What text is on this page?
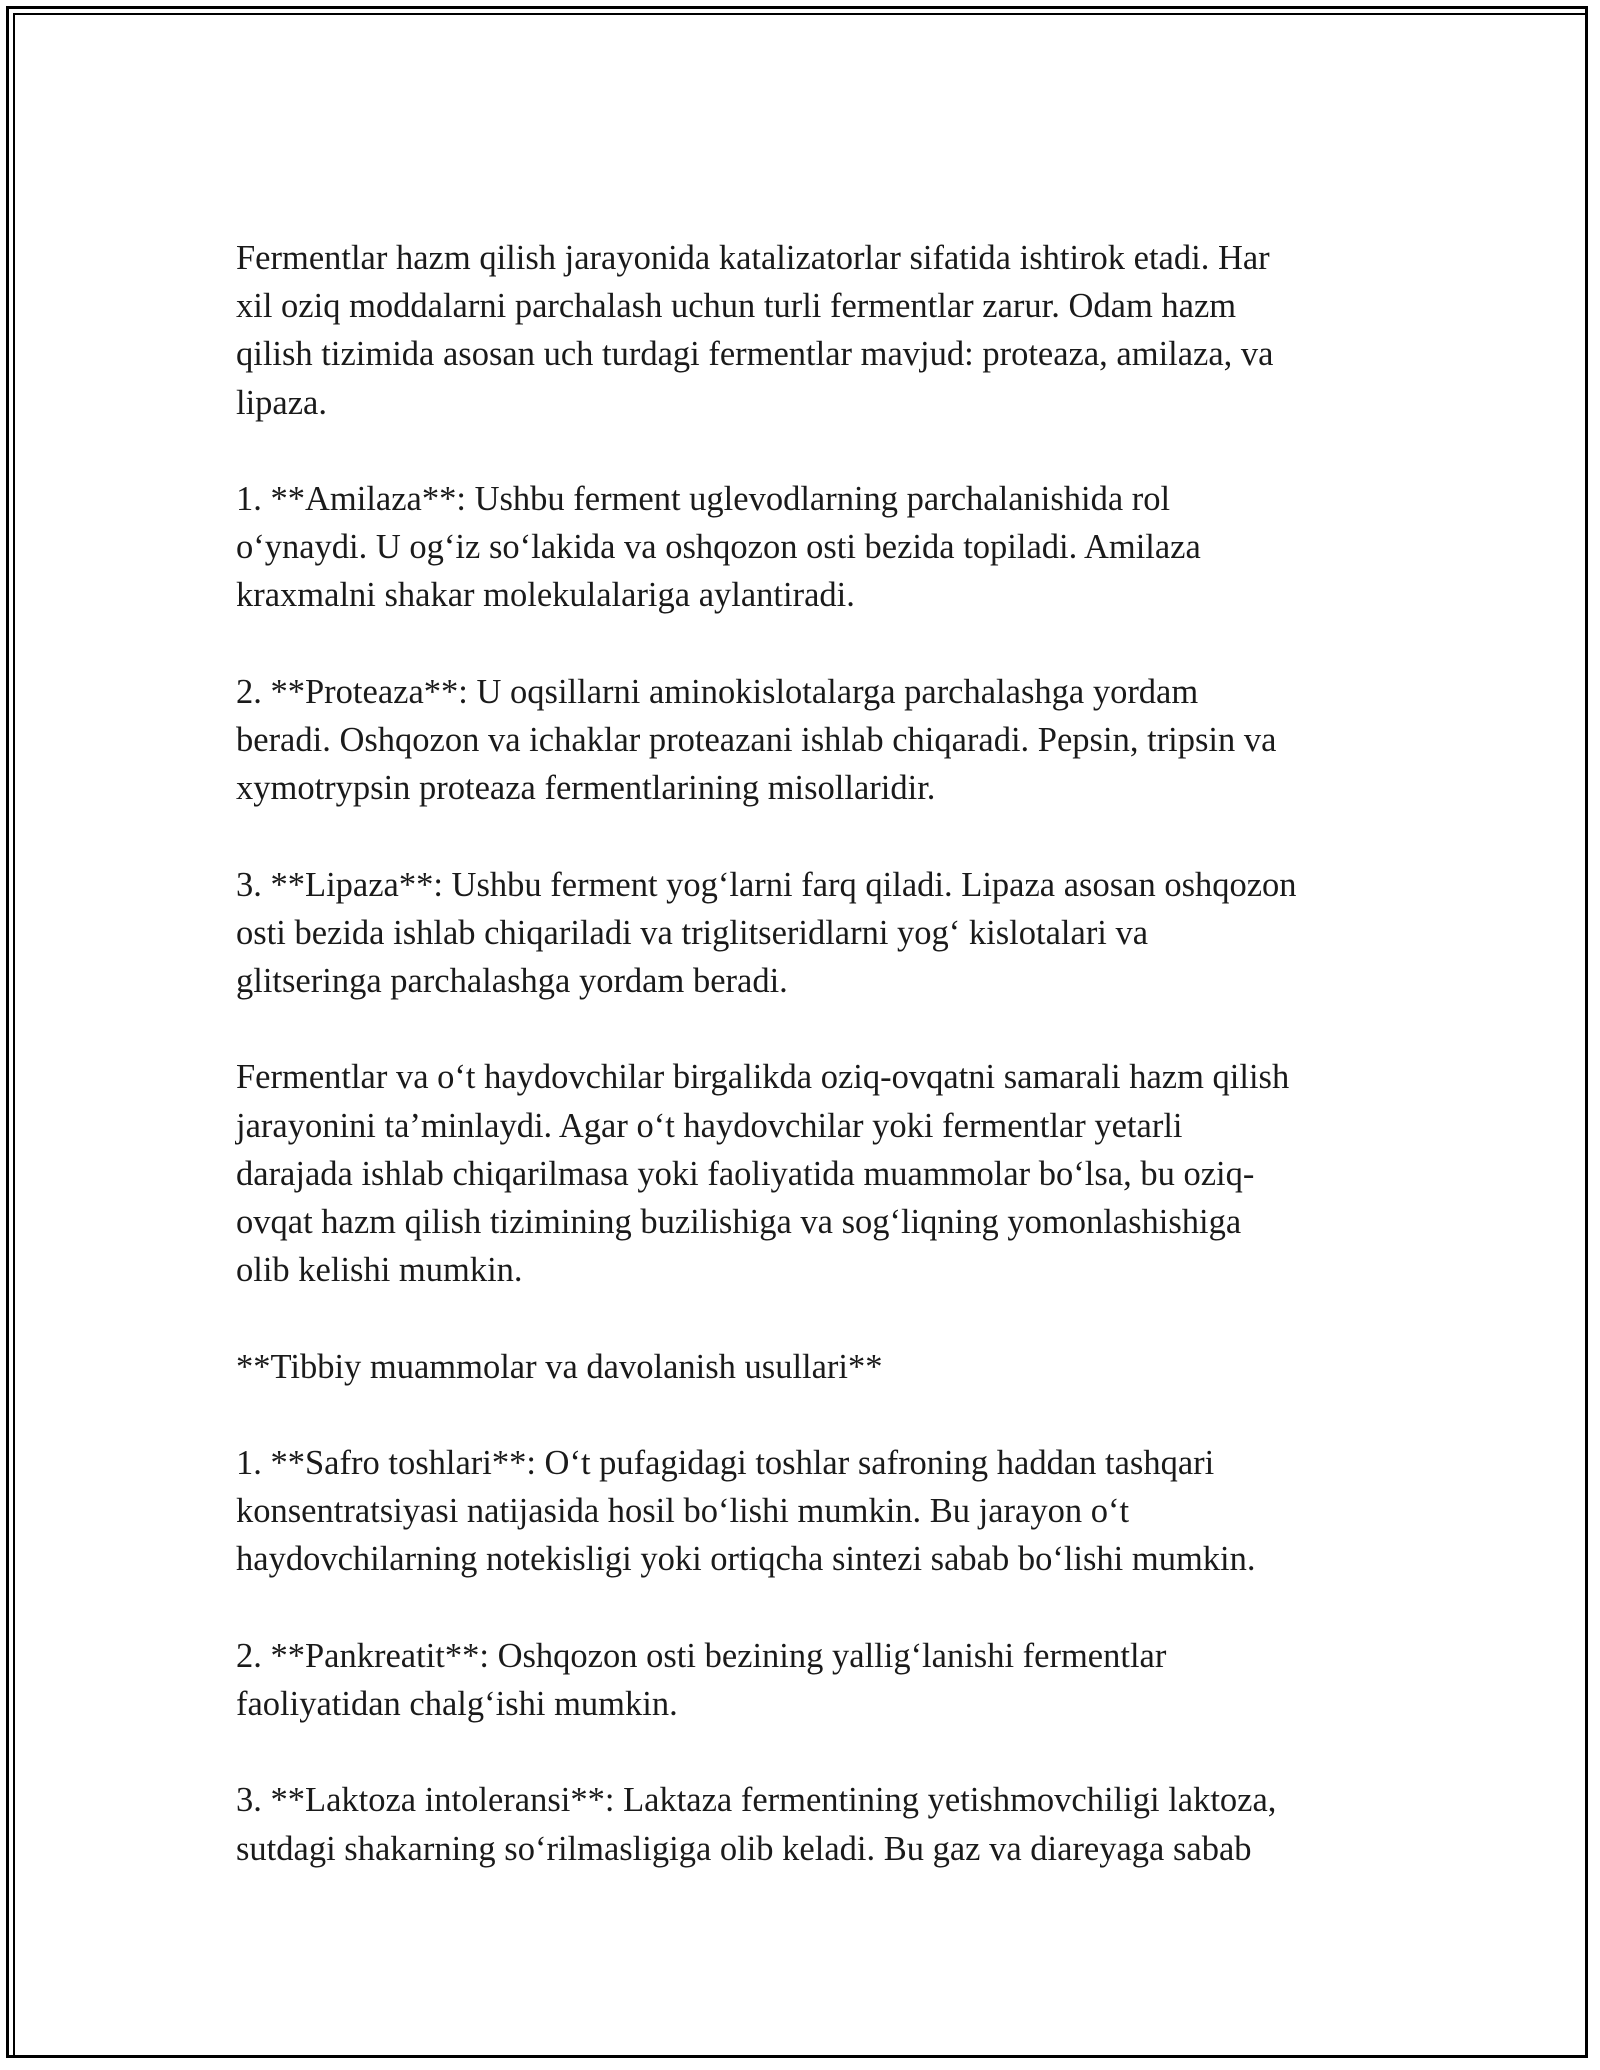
Fermentlar hazm qilish jarayonida katalizatorlar sifatida ishtirok etadi. Har
xil oziq moddalarni parchalash uchun turli fermentlar zarur. Odam hazm
qilish tizimida asosan uch turdagi fermentlar mavjud: proteaza, amilaza, va
lipaza.

1. **Amilaza**: Ushbu ferment uglevodlarning parchalanishida rol
o‘ynaydi. U og‘iz so‘lakida va oshqozon osti bezida topiladi. Amilaza
kraxmalni shakar molekulalariga aylantiradi.

2. **Proteaza**: U oqsillarni aminokislotalarga parchalashga yordam
beradi. Oshqozon va ichaklar proteazani ishlab chiqaradi. Pepsin, tripsin va
xymotrypsin proteaza fermentlarining misollaridir.

3. **Lipaza**: Ushbu ferment yog‘larni farq qiladi. Lipaza asosan oshqozon
osti bezida ishlab chiqariladi va triglitseridlarni yog‘ kislotalari va
glitseringa parchalashga yordam beradi.

Fermentlar va o‘t haydovchilar birgalikda oziq-ovqatni samarali hazm qilish
jarayonini ta’minlaydi. Agar o‘t haydovchilar yoki fermentlar yetarli
darajada ishlab chiqarilmasa yoki faoliyatida muammolar bo‘lsa, bu oziq-
ovqat hazm qilish tizimining buzilishiga va sog‘liqning yomonlashishiga
olib kelishi mumkin.

**Tibbiy muammolar va davolanish usullari**

1. **Safro toshlari**: O‘t pufagidagi toshlar safroning haddan tashqari
konsentratsiyasi natijasida hosil bo‘lishi mumkin. Bu jarayon o‘t
haydovchilarning notekisligi yoki ortiqcha sintezi sabab bo‘lishi mumkin.

2. **Pankreatit**: Oshqozon osti bezining yallig‘lanishi fermentlar
faoliyatidan chalg‘ishi mumkin.

3. **Laktoza intoleransi**: Laktaza fermentining yetishmovchiligi laktoza,
sutdagi shakarning so‘rilmasligiga olib keladi. Bu gaz va diareyaga sabab
